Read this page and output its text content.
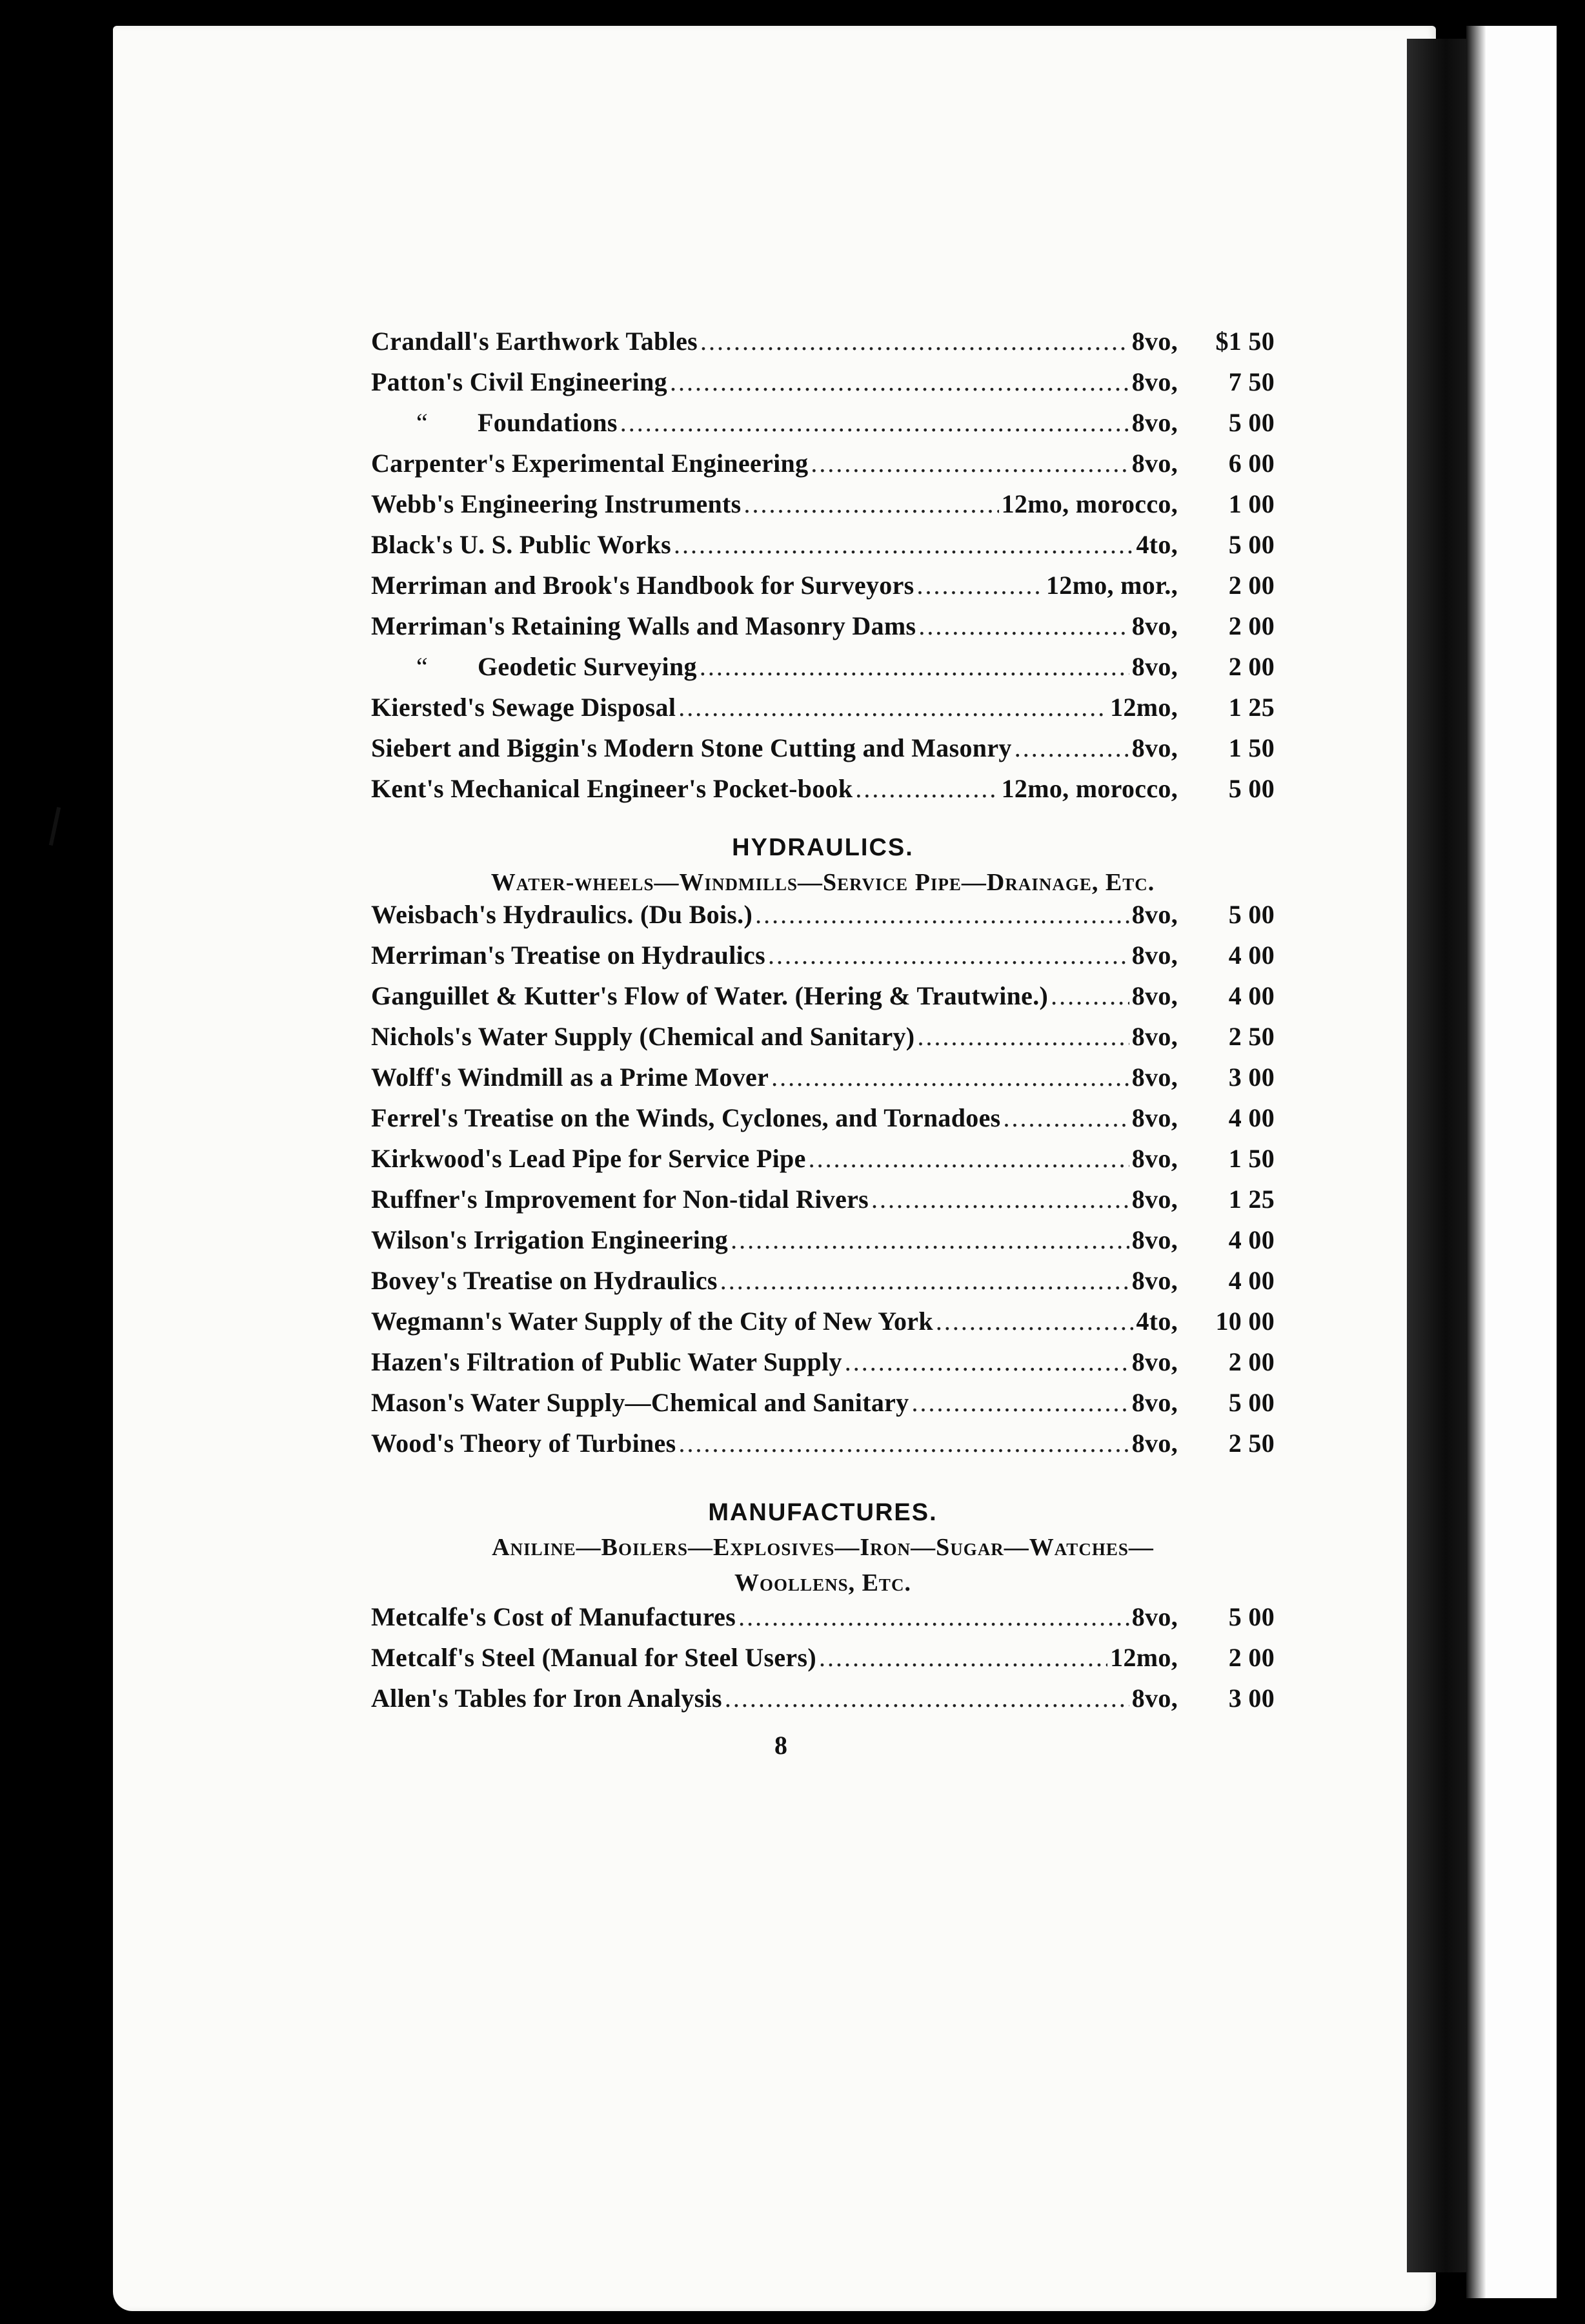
Crandall's Earthwork Tables .....	8vo,	$1 50
Patton's Civil Engineering .....	8vo,	7 50
“ Foundations .....	8vo,	5 00
Carpenter's Experimental Engineering .....	8vo,	6 00
Webb's Engineering Instruments .....	12mo, morocco,	1 00
Black's U. S. Public Works .....	4to,	5 00
Merriman and Brook's Handbook for Surveyors .....	12mo, mor.,	2 00
Merriman's Retaining Walls and Masonry Dams .....	8vo,	2 00
“ Geodetic Surveying .....	8vo,	2 00
Kiersted's Sewage Disposal .....	12mo,	1 25
Siebert and Biggin's Modern Stone Cutting and Masonry .....	8vo,	1 50
Kent's Mechanical Engineer's Pocket-book .....	12mo, morocco,	5 00
HYDRAULICS.
Water-wheels—Windmills—Service Pipe—Drainage, Etc.
Weisbach's Hydraulics. (Du Bois.) .....	8vo,	5 00
Merriman's Treatise on Hydraulics .....	8vo,	4 00
Ganguillet & Kutter's Flow of Water. (Hering & Trautwine.) .....	8vo,	4 00
Nichols's Water Supply (Chemical and Sanitary) .....	8vo,	2 50
Wolff's Windmill as a Prime Mover .....	8vo,	3 00
Ferrel's Treatise on the Winds, Cyclones, and Tornadoes .....	8vo,	4 00
Kirkwood's Lead Pipe for Service Pipe .....	8vo,	1 50
Ruffner's Improvement for Non-tidal Rivers .....	8vo,	1 25
Wilson's Irrigation Engineering .....	8vo,	4 00
Bovey's Treatise on Hydraulics .....	8vo,	4 00
Wegmann's Water Supply of the City of New York .....	4to,	10 00
Hazen's Filtration of Public Water Supply .....	8vo,	2 00
Mason's Water Supply—Chemical and Sanitary .....	8vo,	5 00
Wood's Theory of Turbines .....	8vo,	2 50
MANUFACTURES.
Aniline—Boilers—Explosives—Iron—Sugar—Watches—
Woollens, Etc.
Metcalfe's Cost of Manufactures .....	8vo,	5 00
Metcalf's Steel (Manual for Steel Users) .....	12mo,	2 00
Allen's Tables for Iron Analysis .....	8vo,	3 00
8
